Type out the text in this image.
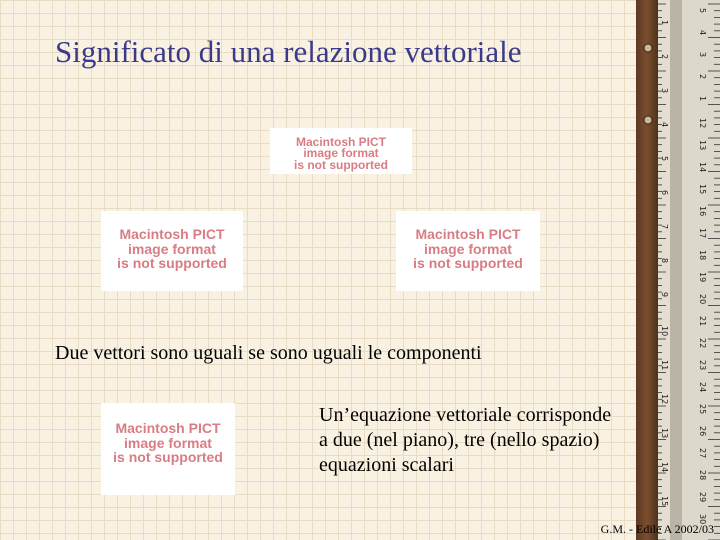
1
2
3
4
5
6
7
8
9
10
11
12
13
14
15
5
4
3
2
1
12
13
14
15
16
17
18
19
20
21
22
23
24
25
26
27
28
29
30
Significato di una relazione vettoriale
Macintosh PICT
image format
is not supported
Macintosh PICT
image format
is not supported
Macintosh PICT
image format
is not supported
Due vettori sono uguali se sono uguali le componenti
Macintosh PICT
image format
is not supported
Un’equazione vettoriale corrisponde a due (nel piano), tre (nello spazio) equazioni scalari
G.M. - Edile A 2002/03
